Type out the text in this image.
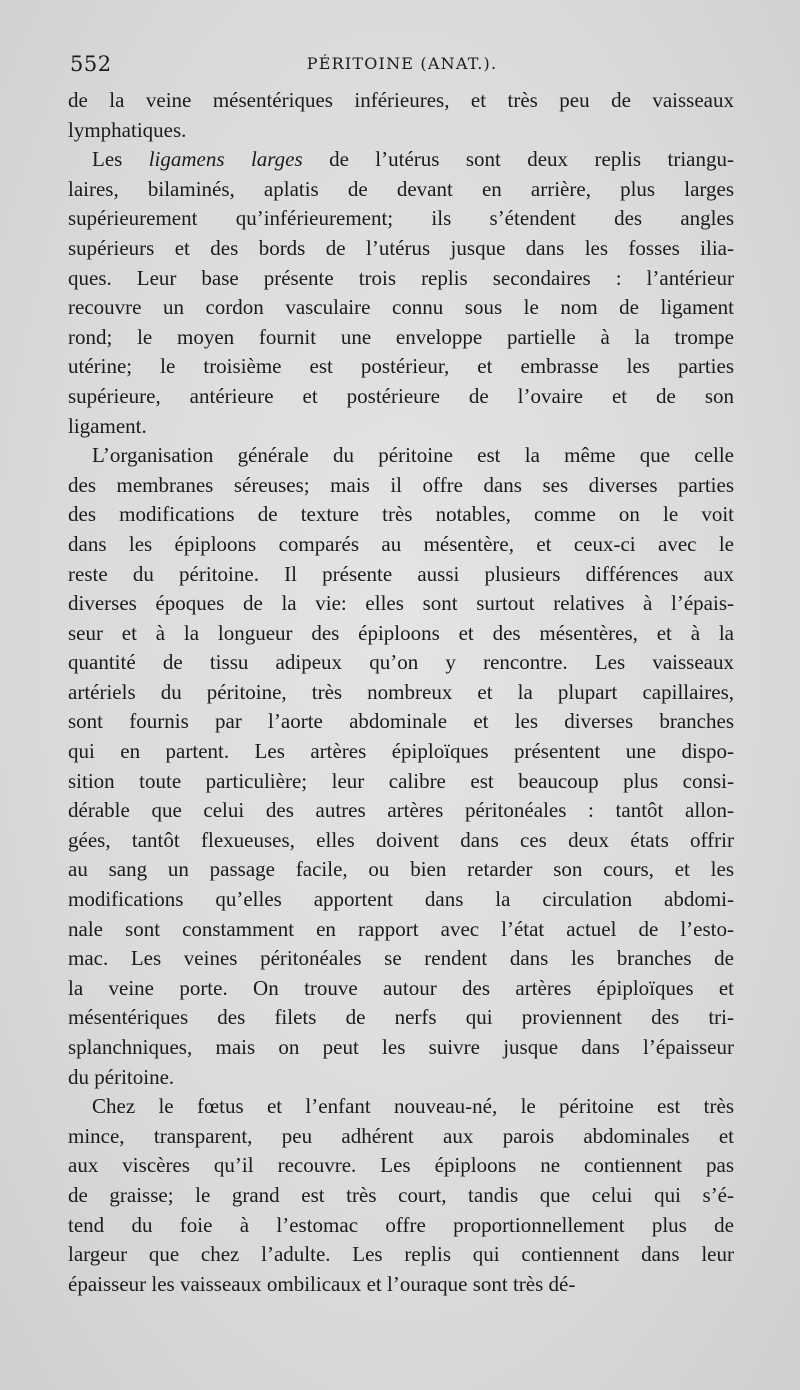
552	PÉRITOINE (ANAT.).
de la veine mésentériques inférieures, et très peu de vaisseaux
lymphatiques.
Les ligamens larges de l’utérus sont deux replis triangu-
laires, bilaminés, aplatis de devant en arrière, plus larges
supérieurement qu’inférieurement; ils s’étendent des angles
supérieurs et des bords de l’utérus jusque dans les fosses ilia-
ques. Leur base présente trois replis secondaires : l’antérieur
recouvre un cordon vasculaire connu sous le nom de ligament
rond; le moyen fournit une enveloppe partielle à la trompe
utérine; le troisième est postérieur, et embrasse les parties
supérieure, antérieure et postérieure de l’ovaire et de son
ligament.
L’organisation générale du péritoine est la même que celle
des membranes séreuses; mais il offre dans ses diverses parties
des modifications de texture très notables, comme on le voit
dans les épiploons comparés au mésentère, et ceux-ci avec le
reste du péritoine. Il présente aussi plusieurs différences aux
diverses époques de la vie: elles sont surtout relatives à l’épais-
seur et à la longueur des épiploons et des mésentères, et à la
quantité de tissu adipeux qu’on y rencontre. Les vaisseaux
artériels du péritoine, très nombreux et la plupart capillaires,
sont fournis par l’aorte abdominale et les diverses branches
qui en partent. Les artères épiploïques présentent une dispo-
sition toute particulière; leur calibre est beaucoup plus consi-
dérable que celui des autres artères péritonéales : tantôt allon-
gées, tantôt flexueuses, elles doivent dans ces deux états offrir
au sang un passage facile, ou bien retarder son cours, et les
modifications qu’elles apportent dans la circulation abdomi-
nale sont constamment en rapport avec l’état actuel de l’esto-
mac. Les veines péritonéales se rendent dans les branches de
la veine porte. On trouve autour des artères épiploïques et
mésentériques des filets de nerfs qui proviennent des tri-
splanchniques, mais on peut les suivre jusque dans l’épaisseur
du péritoine.
Chez le fœtus et l’enfant nouveau-né, le péritoine est très
mince, transparent, peu adhérent aux parois abdominales et
aux viscères qu’il recouvre. Les épiploons ne contiennent pas
de graisse; le grand est très court, tandis que celui qui s’é-
tend du foie à l’estomac offre proportionnellement plus de
largeur que chez l’adulte. Les replis qui contiennent dans leur
épaisseur les vaisseaux ombilicaux et l’ouraque sont très dé-
